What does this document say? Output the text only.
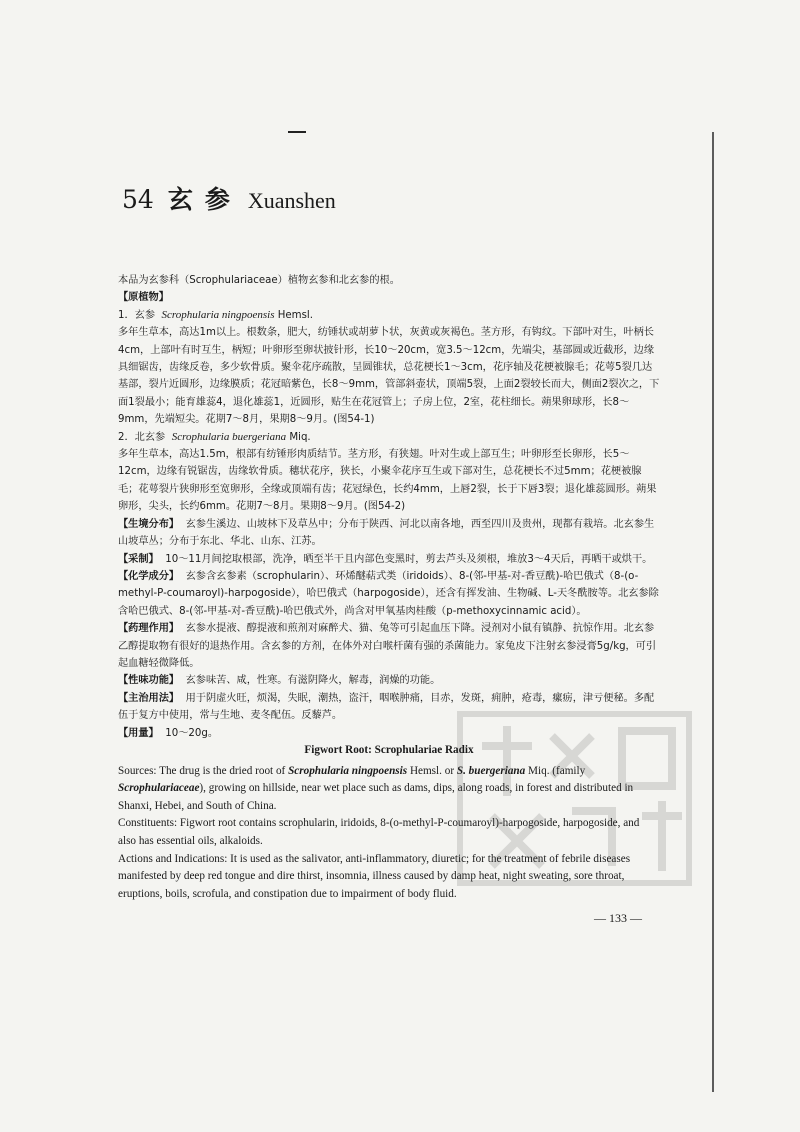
54 玄参 Xuanshen

本品为玄参科（Scrophulariaceae）植物玄参和北玄参的根。

【原植物】

1．玄参 Scrophularia ningpoensis Hemsl.

多年生草本，高达1m以上。根数条，肥大，纺锤状或胡萝卜状，灰黄或灰褐色。茎方形，有钩纹。下部叶对生，叶柄长4cm，上部叶有时互生，柄短；叶卵形至卵状披针形，长10～20cm，宽3.5～12cm，先端尖，基部圆或近截形，边缘具细锯齿，齿缘反卷，多少软骨质。聚伞花序疏散，呈圆锥状，总花梗长1～3cm，花序轴及花梗被腺毛；花萼5裂几达基部，裂片近圆形，边缘膜质；花冠暗紫色，长8～9mm，管部斜壶状，顶端5裂，上面2裂较长而大，侧面2裂次之，下面1裂最小；能育雄蕊4，退化雄蕊1，近圆形，贴生在花冠管上；子房上位，2室，花柱细长。蒴果卵球形，长8～9mm，先端短尖。花期7～8月，果期8～9月。(图54-1)

2．北玄参 Scrophularia buergeriana Miq.

多年生草本，高达1.5m，根部有纺锤形肉质结节。茎方形，有狭翅。叶对生或上部互生；叶卵形至长卵形，长5～12cm，边缘有锐锯齿，齿缘软骨质。穗状花序，狭长，小聚伞花序互生或下部对生，总花梗长不过5mm；花梗被腺毛；花萼裂片狭卵形至宽卵形，全缘或顶端有齿；花冠绿色，长约4mm，上唇2裂，长于下唇3裂；退化雄蕊圆形。蒴果卵形，尖头，长约6mm。花期7～8月。果期8～9月。(图54-2)

【生境分布】 玄参生溪边、山坡林下及草丛中；分布于陕西、河北以南各地，西至四川及贵州，现都有栽培。北玄参生山坡草丛；分布于东北、华北、山东、江苏。

【采制】 10～11月间挖取根部，洗净，晒至半干且内部色变黑时，剪去芦头及须根，堆放3～4天后，再晒干或烘干。

【化学成分】 玄参含玄参素（scrophularin）、环烯醚萜式类（iridoids）、8-(邻-甲基-对-香豆酰)-哈巴俄式（8-(o-methyl-P-coumaroyl)-harpogoside），哈巴俄式（harpogoside），还含有挥发油、生物碱、L-天冬酰胺等。北玄参除含哈巴俄式、8-(邻-甲基-对-香豆酰)-哈巴俄式外，尚含对甲氧基肉桂酸（p-methoxycinnamic acid）。

【药理作用】 玄参水提液、醇提液和煎剂对麻醉犬、猫、兔等可引起血压下降。浸剂对小鼠有镇静、抗惊作用。北玄参乙醇提取物有很好的退热作用。含玄参的方剂，在体外对白喉杆菌有强的杀菌能力。家兔皮下注射玄参浸膏5g/kg，可引起血糖轻微降低。

【性味功能】 玄参味苦、咸，性寒。有滋阴降火，解毒，润燥的功能。

【主治用法】 用于阴虚火旺，烦渴，失眠，潮热，盗汗，咽喉肿痛，目赤，发斑，痈肿，疮毒，瘰疬，津亏便秘。多配伍于复方中使用，常与生地、麦冬配伍。反藜芦。

【用量】 10～20g。

Figwort Root: Scrophulariae Radix

Sources: The drug is the dried root of Scrophularia ningpoensis Hemsl. or S. buergeriana Miq. (family Scrophulariaceae), growing on hillside, near wet place such as dams, dips, along roads, in forest and distributed in Shanxi, Hebei, and South of China.

Constituents: Figwort root contains scrophularin, iridoids, 8-(o-methyl-P-coumaroyl)-harpogoside, harpogoside, and also has essential oils, alkaloids.

Actions and Indications: It is used as the salivator, anti-inflammatory, diuretic; for the treatment of febrile diseases manifested by deep red tongue and dire thirst, insomnia, illness caused by damp heat, night sweating, sore throat, eruptions, boils, scrofula, and constipation due to impairment of body fluid.

— 133 —
